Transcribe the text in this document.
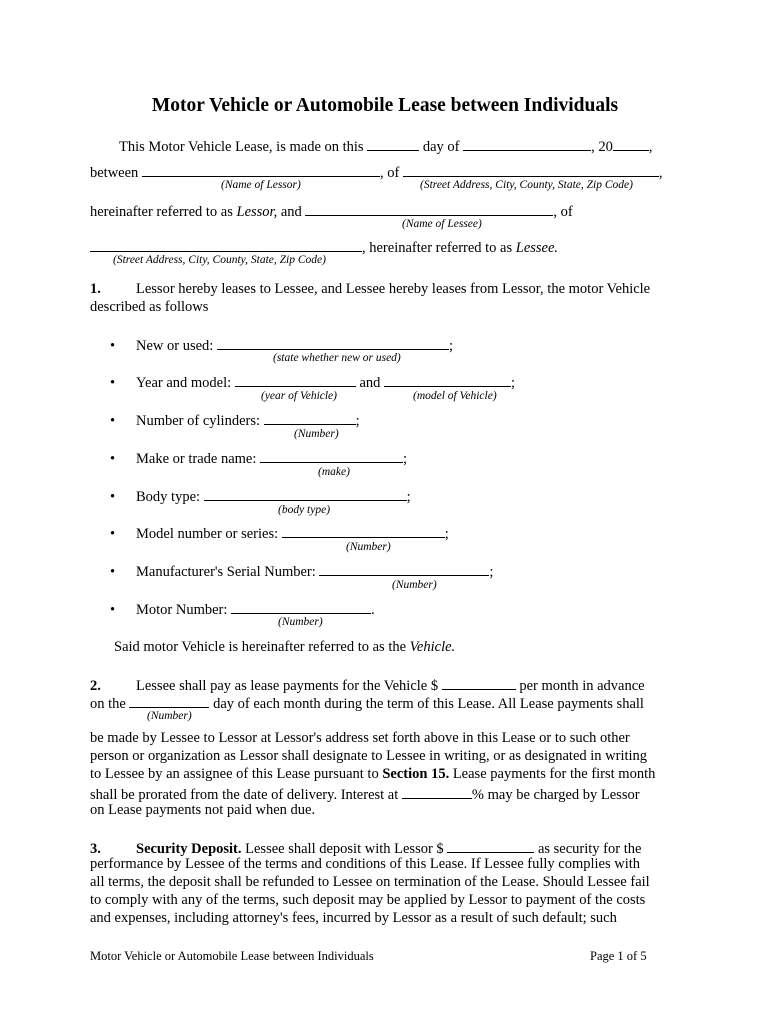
Motor Vehicle or Automobile Lease between Individuals
This Motor Vehicle Lease, is made on this	day of	, 20 ,
between	, of	,
(Name of Lessor)	(Street Address, City, County, State, Zip Code)
hereinafter referred to as Lessor, and	, of
(Name of Lessee)
, hereinafter referred to as Lessee.
(Street Address, City, County, State, Zip Code)
1. Lessor hereby leases to Lessee, and Lessee hereby leases from Lessor, the motor Vehicle
described as follows
• New or used:	;
(state whether new or used)
• Year and model:	and	;
(year of Vehicle)	(model of Vehicle)
• Number of cylinders:	;
(Number)
• Make or trade name:	;
(make)
• Body type:	;
(body type)
• Model number or series:	;
(Number)
• Manufacturer's Serial Number:	;
(Number)
• Motor Number:	.
(Number)
Said motor Vehicle is hereinafter referred to as the Vehicle.
2. Lessee shall pay as lease payments for the Vehicle $	per month in advance
on the	day of each month during the term of this Lease. All Lease payments shall
(Number)
be made by Lessee to Lessor at Lessor's address set forth above in this Lease or to such other
person or organization as Lessor shall designate to Lessee in writing, or as designated in writing
to Lessee by an assignee of this Lease pursuant to Section 15. Lease payments for the first month
shall be prorated from the date of delivery. Interest at	% may be charged by Lessor
on Lease payments not paid when due.
3. Security Deposit. Lessee shall deposit with Lessor $	as security for the
performance by Lessee of the terms and conditions of this Lease. If Lessee fully complies with
all terms, the deposit shall be refunded to Lessee on termination of the Lease. Should Lessee fail
to comply with any of the terms, such deposit may be applied by Lessor to payment of the costs
and expenses, including attorney's fees, incurred by Lessor as a result of such default; such
Motor Vehicle or Automobile Lease between Individuals	Page 1 of 5
